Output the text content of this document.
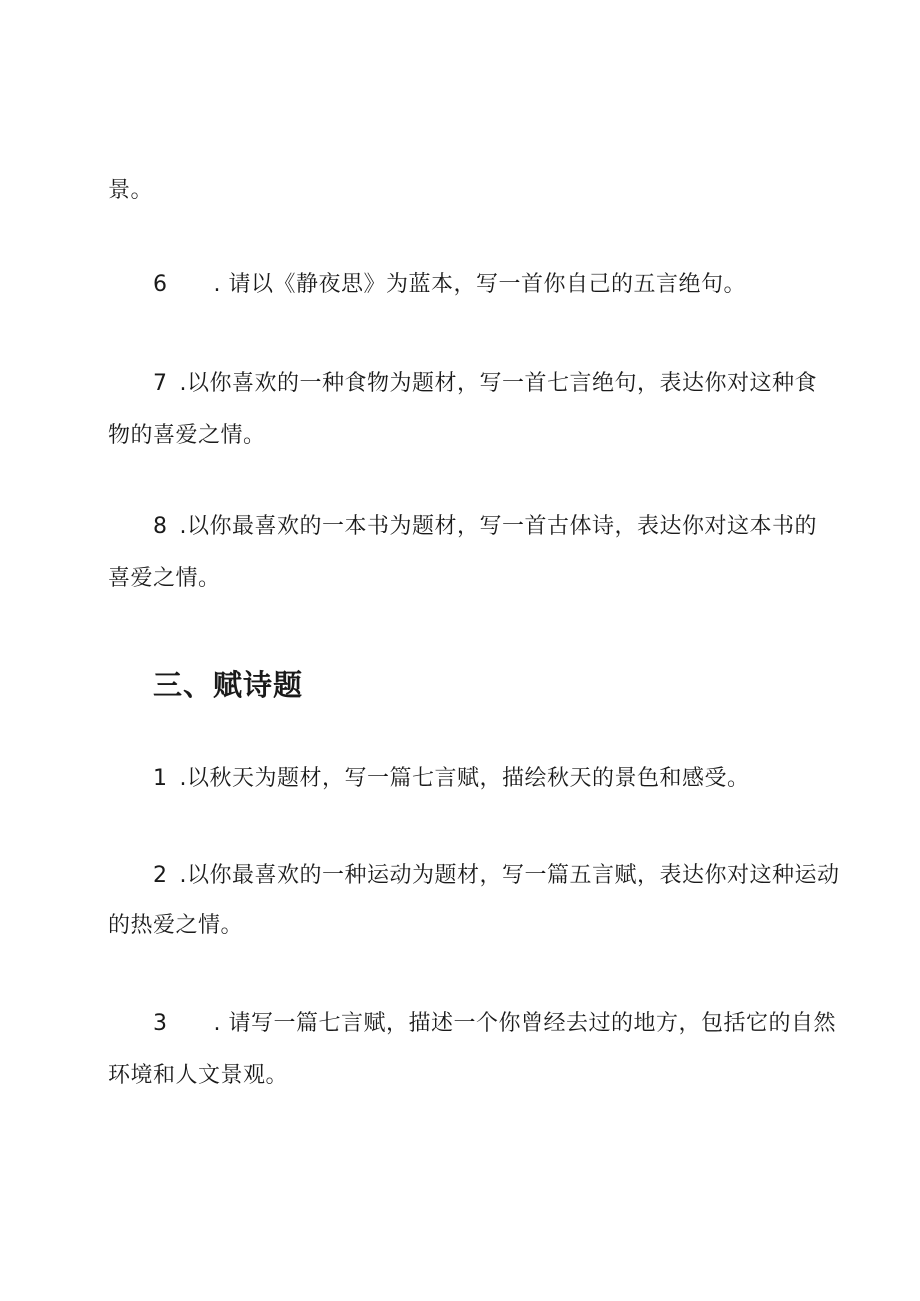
景。
6 . 请以《静夜思》为蓝本，写一首你自己的五言绝句。
7 .以你喜欢的一种食物为题材，写一首七言绝句，表达你对这种食
物的喜爱之情。
8 .以你最喜欢的一本书为题材，写一首古体诗，表达你对这本书的
喜爱之情。
三、赋诗题
1 .以秋天为题材，写一篇七言赋，描绘秋天的景色和感受。
2 .以你最喜欢的一种运动为题材，写一篇五言赋，表达你对这种运动
的热爱之情。
3 . 请写一篇七言赋，描述一个你曾经去过的地方，包括它的自然
环境和人文景观。
